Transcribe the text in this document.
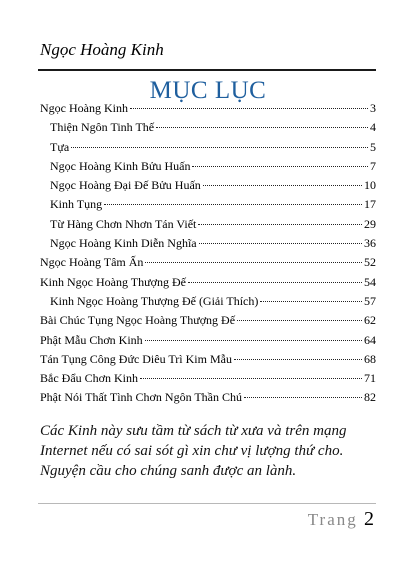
Ngọc Hoàng Kinh
MỤC LỤC
Ngọc Hoàng Kinh	3
Thiện Ngôn Tinh Thế	4
Tựa	5
Ngọc Hoàng Kinh Bửu Huấn	7
Ngọc Hoàng Đại Đế Bửu Huấn	10
Kinh Tụng	17
Từ Hàng Chơn Nhơn Tán Viết	29
Ngọc Hoàng Kinh Diễn Nghĩa	36
Ngọc Hoàng Tâm Ấn	52
Kinh Ngọc Hoàng Thượng Đế	54
Kinh Ngọc Hoàng Thượng Đế (Giải Thích)	57
Bài Chúc Tụng Ngọc Hoàng Thượng Đế	62
Phật Mẫu Chơn Kinh	64
Tán Tụng Công Đức Diêu Trì Kim Mẫu	68
Bắc Đẩu Chơn Kinh	71
Phật Nói Thất Tình Chơn Ngôn Thần Chú	82
Các Kinh này sưu tầm từ sách từ xưa và trên mạng Internet nếu có sai sót gì xin chư vị lượng thứ cho. Nguyện cầu cho chúng sanh được an lành.
Trang 2
